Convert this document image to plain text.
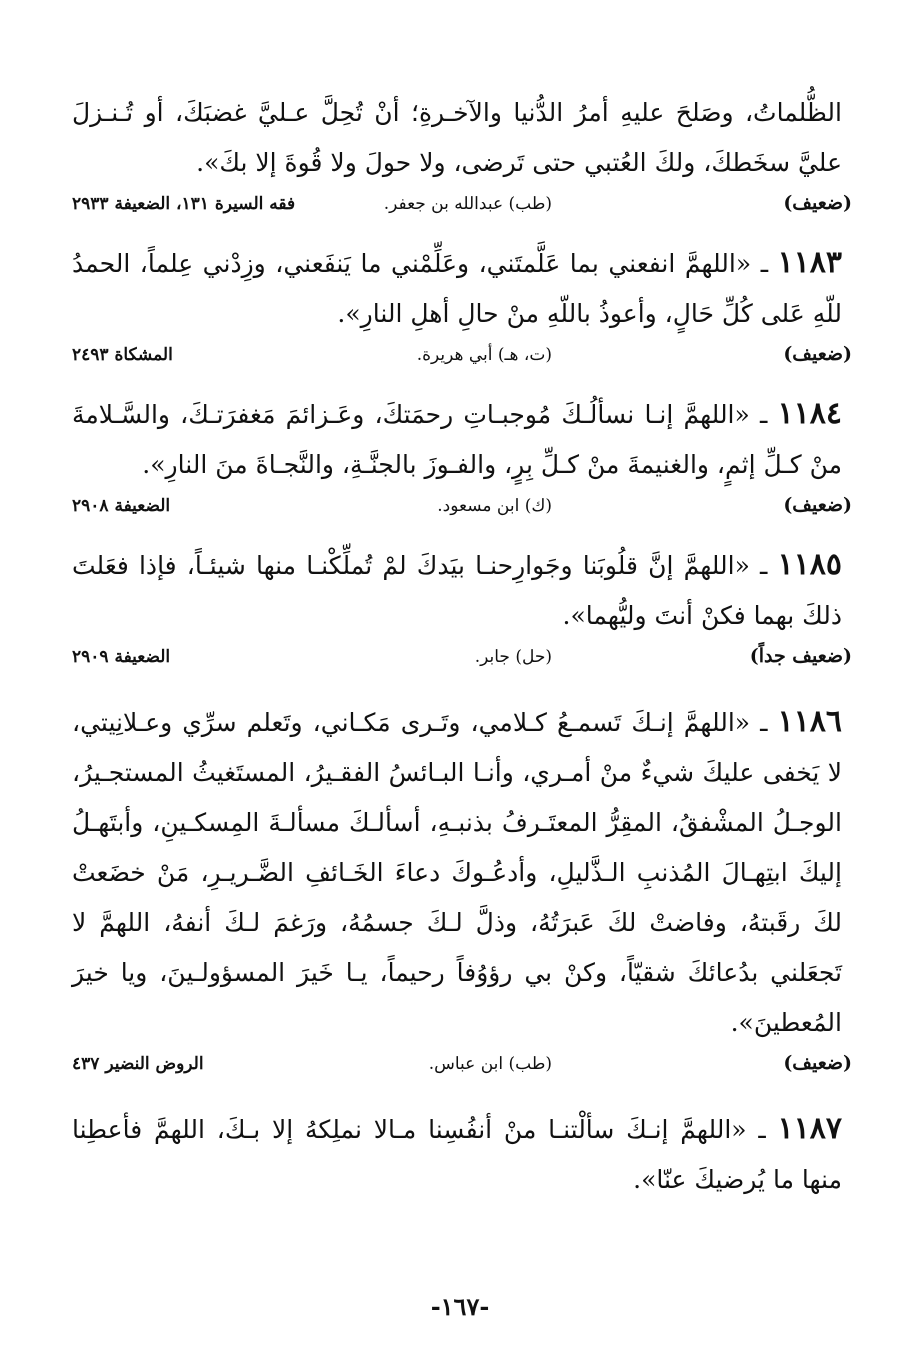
الظُّلماتُ، وصَلحَ عليهِ أمرُ الدُّنيا والآخـرةِ؛ أنْ تُحِلَّ عـليَّ غضبَكَ، أو تُـنـزلَ عليَّ سخَطكَ، ولكَ العُتبي حتى تَرضى، ولا حولَ ولا قُوةَ إلا بكَ».

(ضعيف)
(طب) عبدالله بن جعفر.
فقه السيرة ١٣١، الضعيفة ٢٩٣٣

١١٨٣ ـ «اللهمَّ انفعني بما عَلَّمتَني، وعَلِّمْني ما يَنفَعني، وزِدْني عِلماً، الحمدُ للّهِ عَلى كُلِّ حَالٍ، وأعوذُ باللّهِ منْ حالِ أهلِ النارِ».

(ضعيف)
(ت، هـ) أبي هريرة.
المشكاة ٢٤٩٣

١١٨٤ ـ «اللهمَّ إنـا نسألُـكَ مُوجبـاتِ رحمَتكَ، وعَـزائمَ مَغفرَتـكَ، والسَّـلامةَ منْ كـلِّ إثمٍ، والغنيمةَ منْ كـلِّ بِرٍ، والفـوزَ بالجنَّـةِ، والنَّجـاةَ منَ النارِ».

(ضعيف)
(ك) ابن مسعود.
الضعيفة ٢٩٠٨

١١٨٥ ـ «اللهمَّ إنَّ قلُوبَنا وجَوارِحنـا بيَدكَ لمْ تُملِّكْنـا منها شيئـاً، فإذا فعَلتَ ذلكَ بهما فكنْ أنتَ وليُّهما».

(ضعيف جداً)
(حل) جابر.
الضعيفة ٢٩٠٩

١١٨٦ ـ «اللهمَّ إنـكَ تَسمـعُ كـلامي، وتَـرى مَكـاني، وتَعلم سرِّي وعـلانِيتي، لا يَخفى عليكَ شيءٌ منْ أمـري، وأنـا البـائسُ الفقـيرُ، المستَغيثُ المستجـيرُ، الوجـلُ المشْفقُ، المقِرُّ المعتَـرفُ بذنبـهِ، أسألـكَ مسألـةَ المِسكـينِ، وأبتَهـلُ إليكَ ابتِهـالَ المُذنبِ الـذَّليلِ، وأدعُـوكَ دعاءَ الخَـائفِ الضَّـريـرِ، مَنْ خضَعتْ لكَ رقَبتهُ، وفاضتْ لكَ عَبرَتُهُ، وذلَّ لـكَ جسمُهُ، ورَغمَ لـكَ أنفهُ، اللهمَّ لا تَجعَلني بدُعائكَ شقيّاً، وكنْ بي رؤوُفاً رحيماً، يـا خَيرَ المسؤولـينَ، ويا خيرَ المُعطينَ».

(ضعيف)
(طب) ابن عباس.
الروض النضير ٤٣٧

١١٨٧ ـ «اللهمَّ إنـكَ سألْتنـا منْ أنفُسِنا مـالا نملِكهُ إلا بـكَ، اللهمَّ فأعطِنا منها ما يُرضيكَ عنّا».

-١٦٧-
